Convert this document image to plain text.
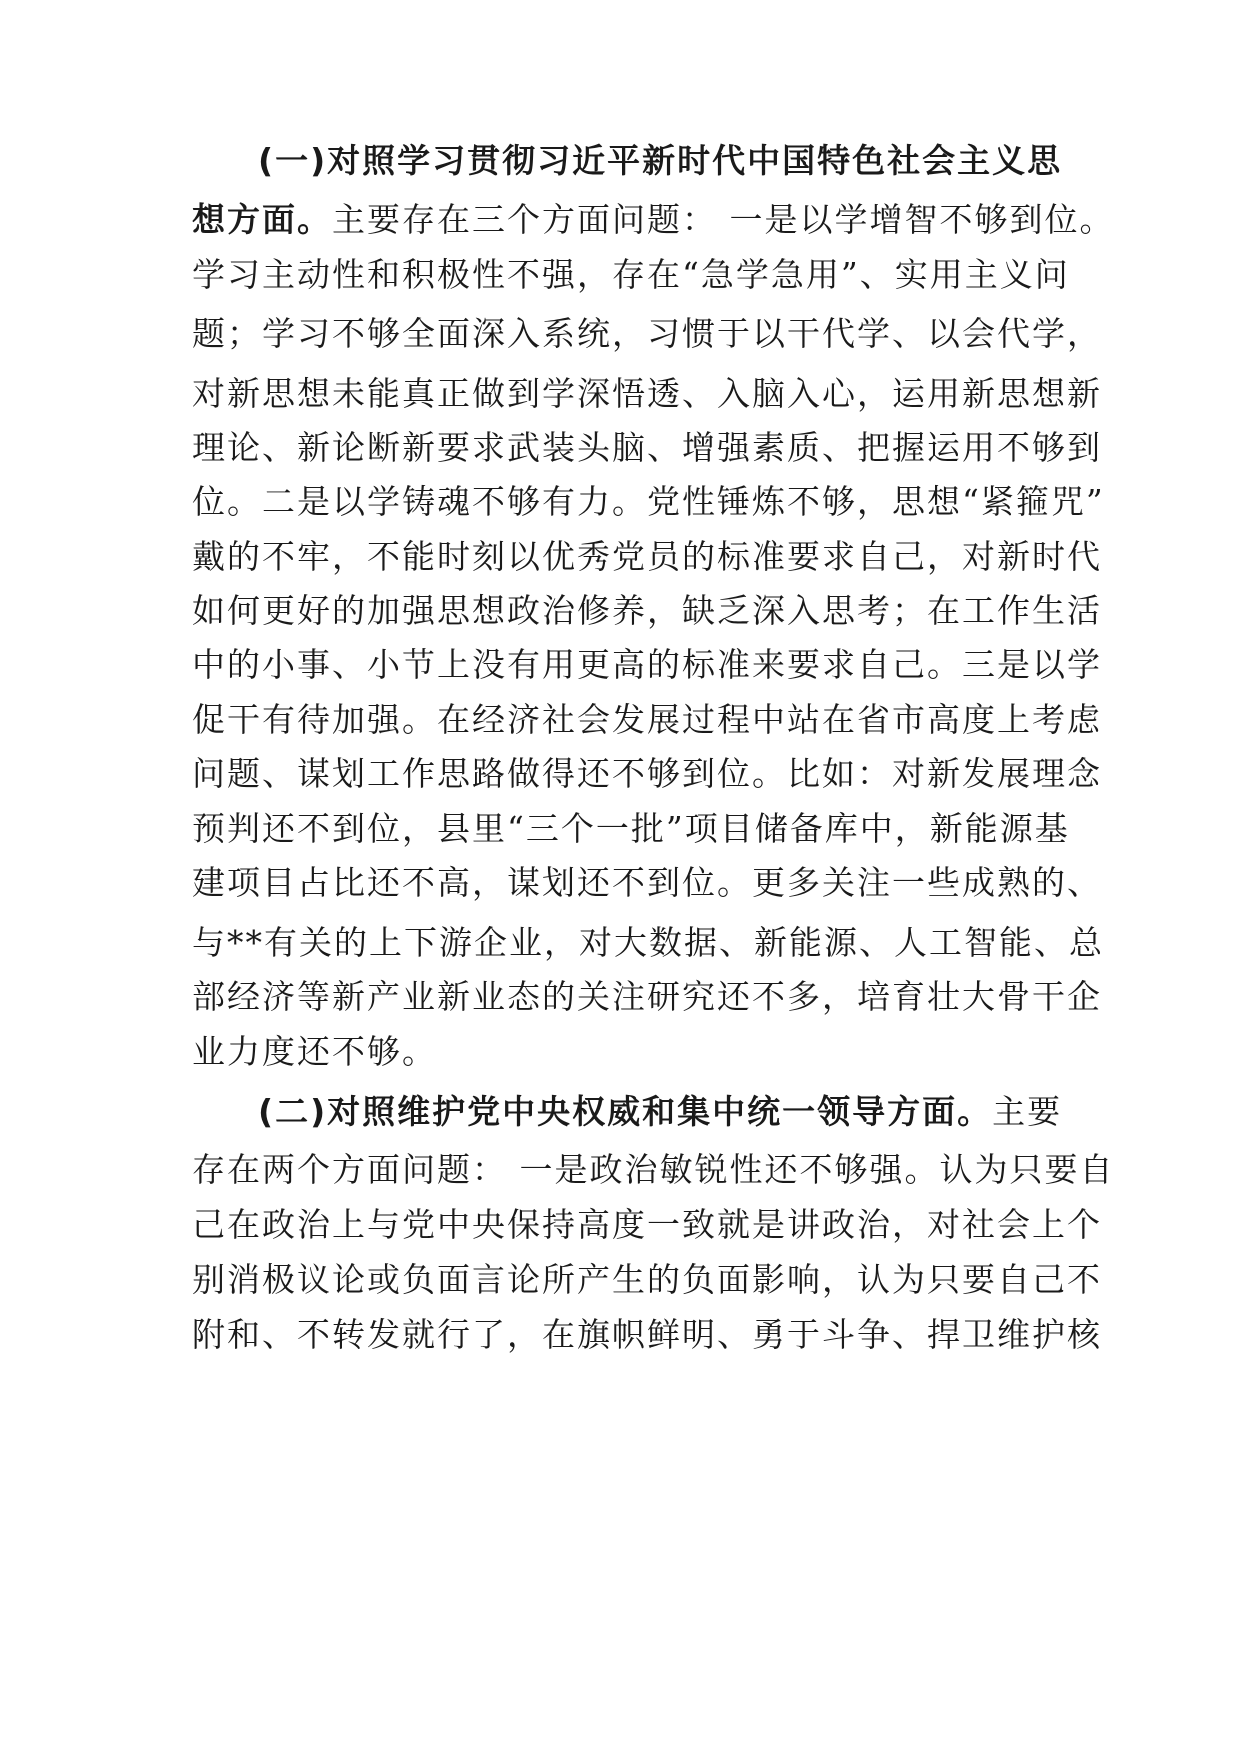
(一)对照学习贯彻习近平新时代中国特色社会主义思
想方面。主要存在三个方面问题： 一是以学增智不够到位。
学习主动性和积极性不强，存在“急学急用”、实用主义问
题；学习不够全面深入系统，习惯于以干代学、以会代学，
对新思想未能真正做到学深悟透、入脑入心，运用新思想新
理论、新论断新要求武装头脑、增强素质、把握运用不够到
位。二是以学铸魂不够有力。党性锤炼不够，思想“紧箍咒”
戴的不牢，不能时刻以优秀党员的标准要求自己，对新时代
如何更好的加强思想政治修养，缺乏深入思考；在工作生活
中的小事、小节上没有用更高的标准来要求自己。三是以学
促干有待加强。在经济社会发展过程中站在省市高度上考虑
问题、谋划工作思路做得还不够到位。比如：对新发展理念
预判还不到位，县里“三个一批”项目储备库中，新能源基
建项目占比还不高，谋划还不到位。更多关注一些成熟的、
与**有关的上下游企业，对大数据、新能源、人工智能、总
部经济等新产业新业态的关注研究还不多，培育壮大骨干企
业力度还不够。
(二)对照维护党中央权威和集中统一领导方面。主要
存在两个方面问题： 一是政治敏锐性还不够强。认为只要自
己在政治上与党中央保持高度一致就是讲政治，对社会上个
别消极议论或负面言论所产生的负面影响，认为只要自己不
附和、不转发就行了，在旗帜鲜明、勇于斗争、捍卫维护核
